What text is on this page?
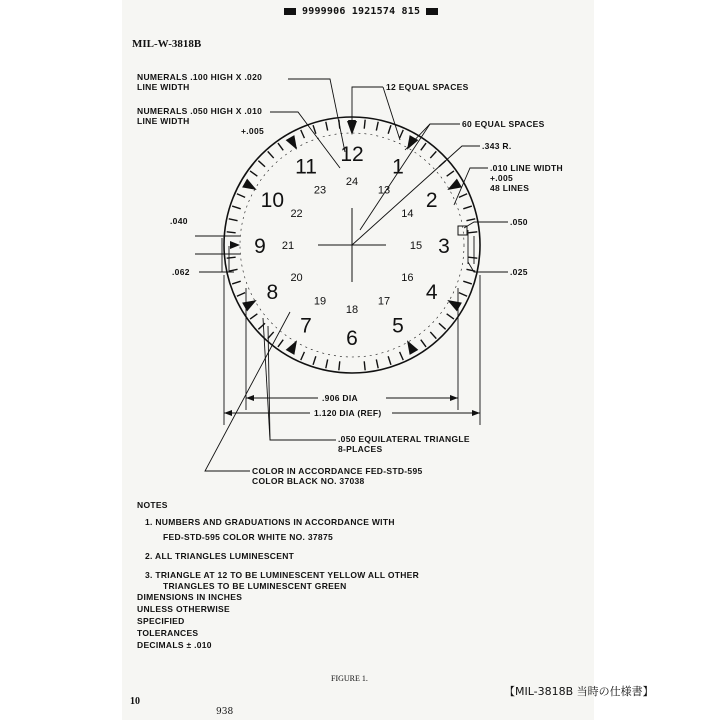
9999906 1921574 815
MIL-W-3818B
12
1
2
3
4
5
6
7
8
9
10
11
24
13
14
15
16
17
18
19
20
21
22
23
NUMERALS .100 HIGH X .020
LINE WIDTH
NUMERALS .050 HIGH X .010
LINE WIDTH
+.005
12 EQUAL SPACES
60 EQUAL SPACES
.343 R.
.010 LINE WIDTH
+.005
48 LINES
.040
.062
.050
.025
.906 DIA
1.120 DIA (REF)
.050 EQUILATERAL TRIANGLE
8-PLACES
COLOR IN ACCORDANCE FED-STD-595
COLOR BLACK NO. 37038
NOTES
1. NUMBERS AND GRADUATIONS IN ACCORDANCE WITH
FED-STD-595 COLOR WHITE NO. 37875
2. ALL TRIANGLES LUMINESCENT
3. TRIANGLE AT 12 TO BE LUMINESCENT YELLOW ALL OTHER
TRIANGLES TO BE LUMINESCENT GREEN
DIMENSIONS IN INCHES
UNLESS OTHERWISE
SPECIFIED
TOLERANCES
DECIMALS ± .010
FIGURE 1.
10
938
【MIL-3818B 当時の仕様書】
